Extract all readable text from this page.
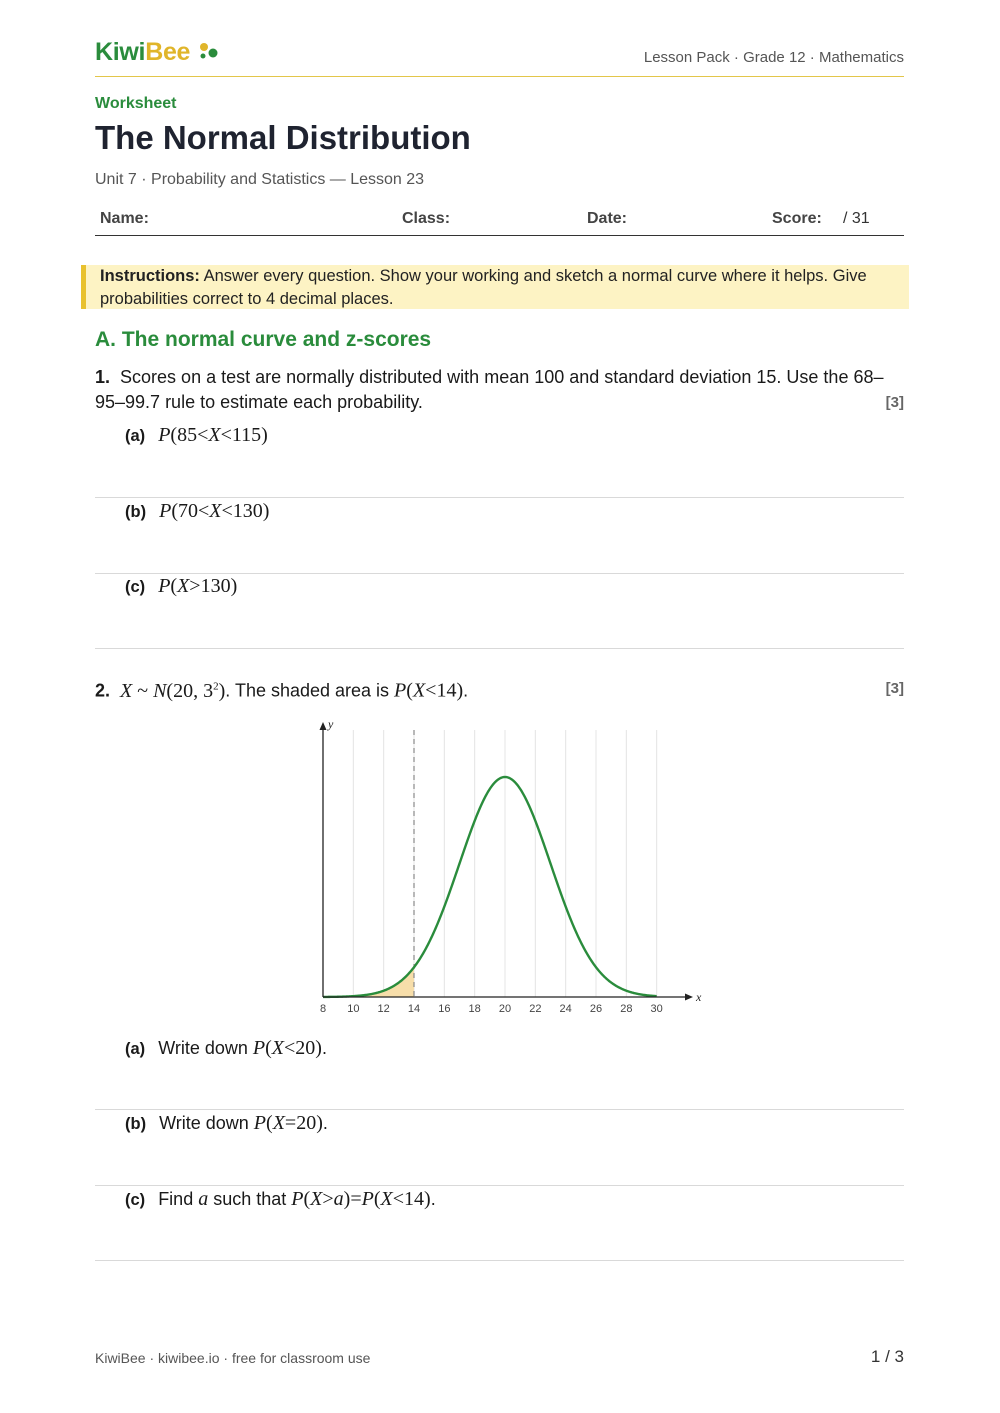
KiwiBee	Lesson Pack · Grade 12 · Mathematics
Worksheet
The Normal Distribution
Unit 7 · Probability and Statistics — Lesson 23
Name:	Class:	Date:	Score: / 31
Instructions: Answer every question. Show your working and sketch a normal curve where it helps. Give probabilities correct to 4 decimal places.
A. The normal curve and z-scores
1. Scores on a test are normally distributed with mean 100 and standard deviation 15. Use the 68–95–99.7 rule to estimate each probability.	[3]
(a) P(85<X<115)
(b) P(70<X<130)
(c) P(X>130)
2. X ~ N(20, $3^2$). The shaded area is P(X<14).	[3]
x
y
8 10 12 14 16 18 20 22 24 26 28 30
(a) Write down P(X<20).
(b) Write down P(X=20).
(c) Find a such that P(X>a)=P(X<14).
KiwiBee · kiwibee.io · free for classroom use	1 / 3
